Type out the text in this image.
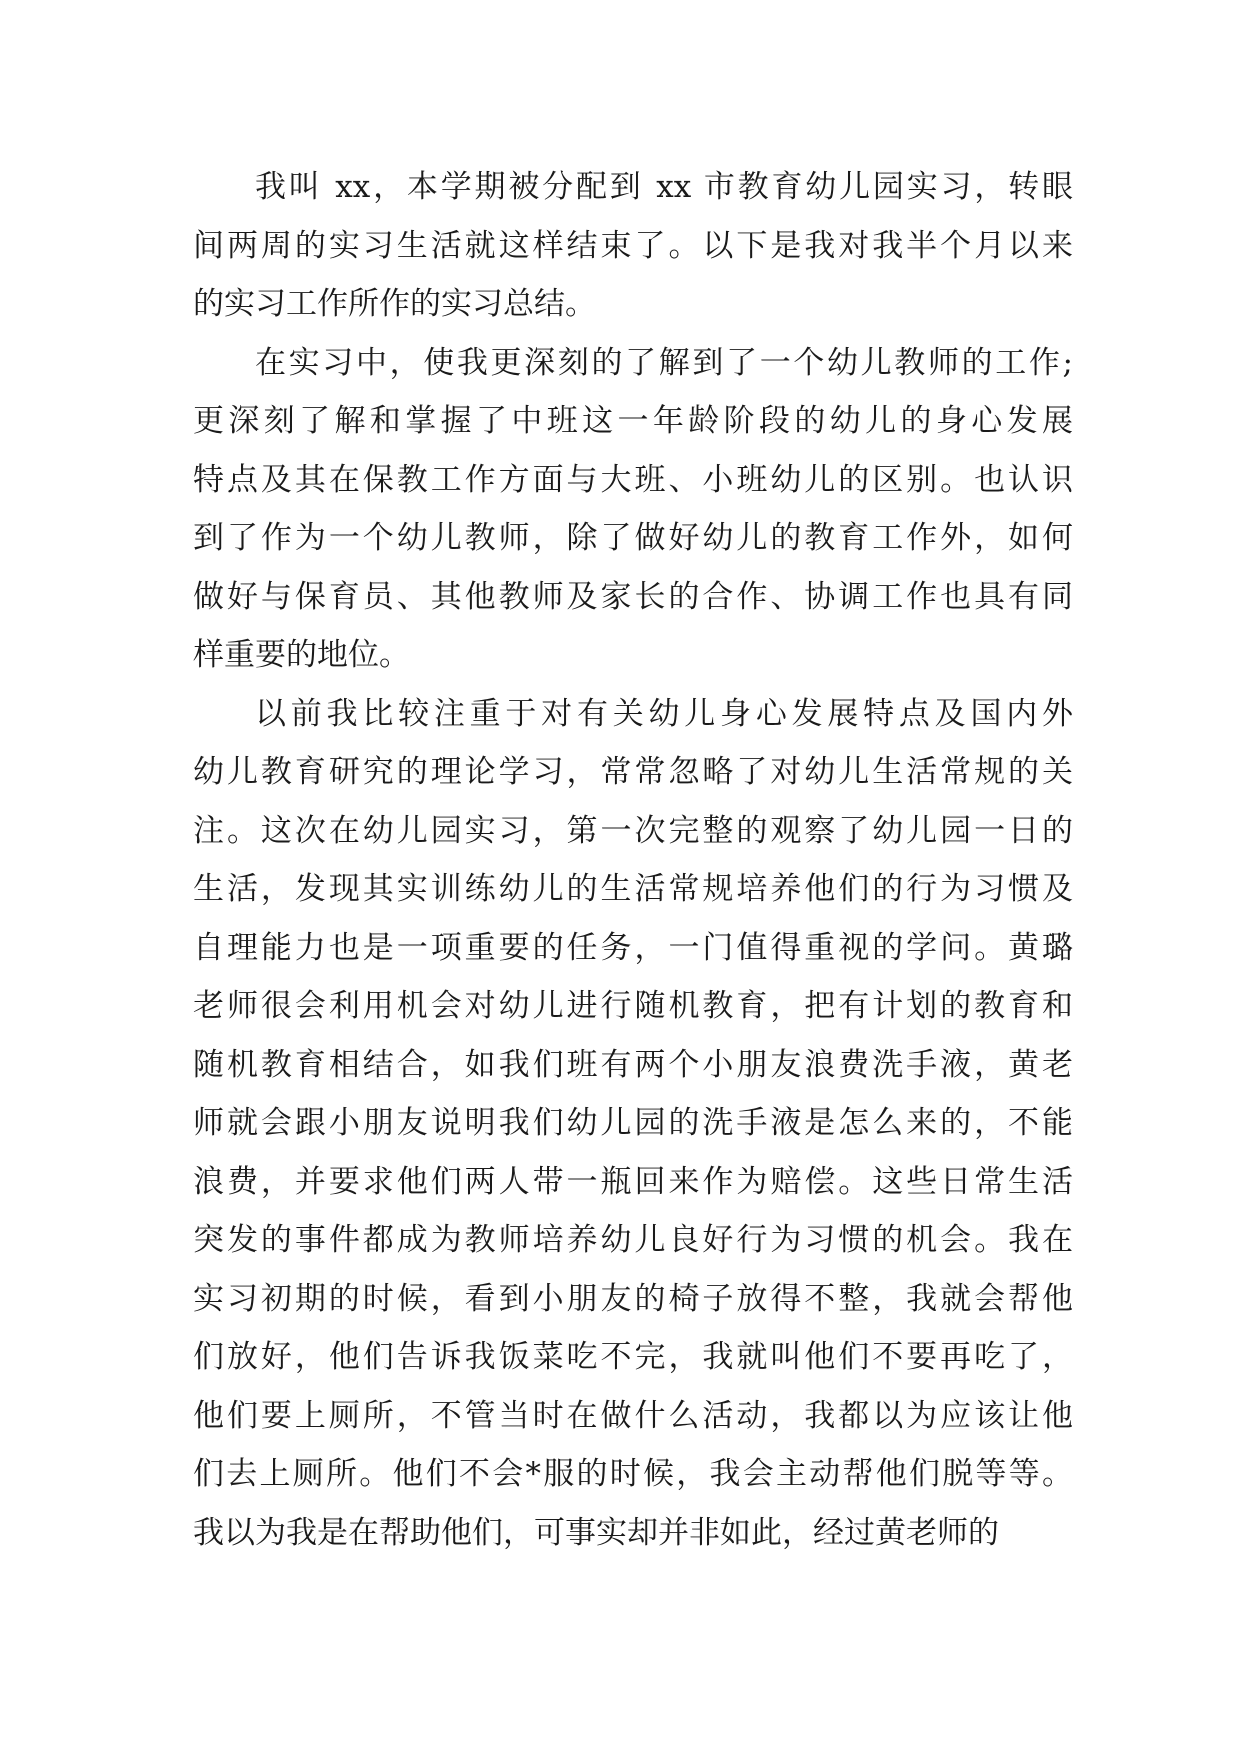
我叫 xx，本学期被分配到 xx 市教育幼儿园实习，转眼
间两周的实习生活就这样结束了。以下是我对我半个月以来
的实习工作所作的实习总结。
在实习中，使我更深刻的了解到了一个幼儿教师的工作;
更深刻了解和掌握了中班这一年龄阶段的幼儿的身心发展
特点及其在保教工作方面与大班、小班幼儿的区别。也认识
到了作为一个幼儿教师，除了做好幼儿的教育工作外，如何
做好与保育员、其他教师及家长的合作、协调工作也具有同
样重要的地位。
以前我比较注重于对有关幼儿身心发展特点及国内外
幼儿教育研究的理论学习，常常忽略了对幼儿生活常规的关
注。这次在幼儿园实习，第一次完整的观察了幼儿园一日的
生活，发现其实训练幼儿的生活常规培养他们的行为习惯及
自理能力也是一项重要的任务，一门值得重视的学问。黄璐
老师很会利用机会对幼儿进行随机教育，把有计划的教育和
随机教育相结合，如我们班有两个小朋友浪费洗手液，黄老
师就会跟小朋友说明我们幼儿园的洗手液是怎么来的，不能
浪费，并要求他们两人带一瓶回来作为赔偿。这些日常生活
突发的事件都成为教师培养幼儿良好行为习惯的机会。我在
实习初期的时候，看到小朋友的椅子放得不整，我就会帮他
们放好，他们告诉我饭菜吃不完，我就叫他们不要再吃了，
他们要上厕所，不管当时在做什么活动，我都以为应该让他
们去上厕所。他们不会*服的时候，我会主动帮他们脱等等。
我以为我是在帮助他们，可事实却并非如此，经过黄老师的
